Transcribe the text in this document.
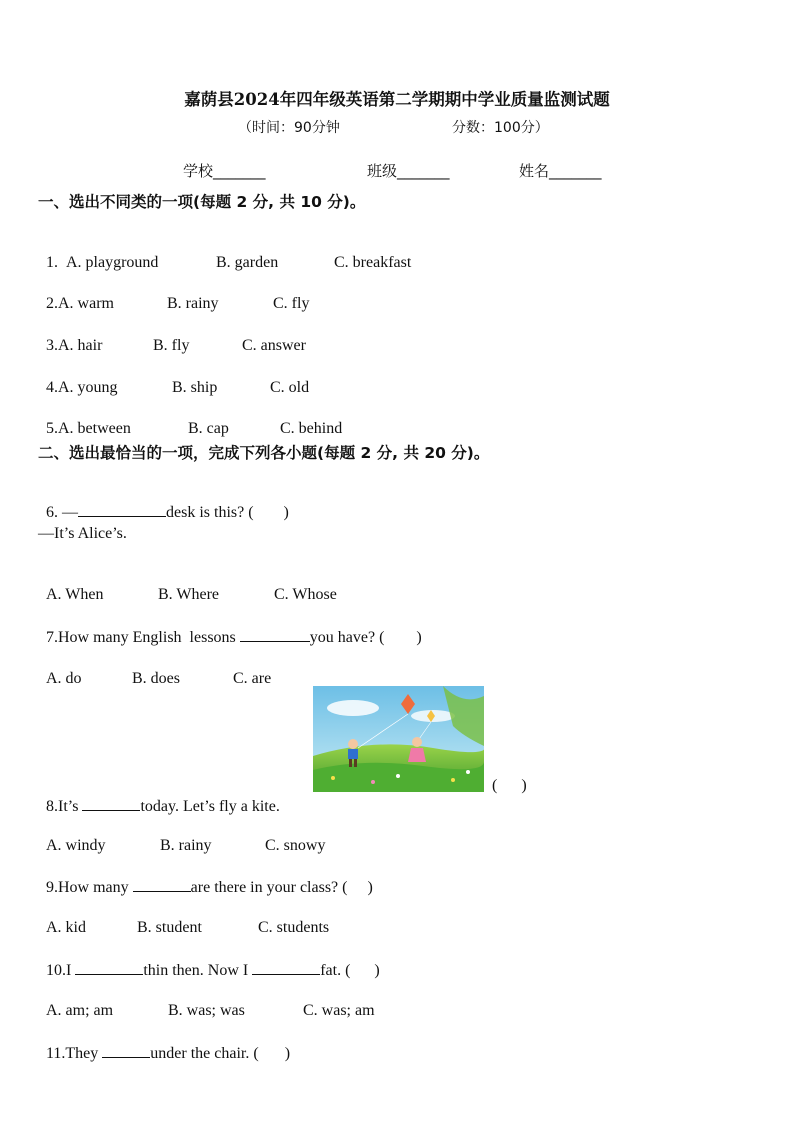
嘉荫县2024年四年级英语第二学期期中学业质量监测试题
（时间：90分钟	分数：100分）
学校_______	班级_______	姓名_______
一、选出不同类的一项(每题 2 分, 共 10 分)。

1. A. playground	B. garden	C. breakfast

2.A. warm	B. rainy	C. fly

3.A. hair	B. fly	C. answer

4.A. young	B. ship	C. old

5.A. between	B. cap	C. behind

二、选出最恰当的一项，完成下列各小题(每题 2 分, 共 20 分)。

6. —	desk is this? ( )

—It’s Alice’s.

A. When	B. Where	C. Whose

7.How many English  lessons	you have? ( )

A. do	B. does	C. are

8.It’s	today. Let’s fly a kite.

(      )

A. windy	B. rainy	C. snowy

9.How many	are there in your class? ( )

A. kid	B. student	C. students

10.I	thin then. Now I	fat. ( )

A. am; am	B. was; was	C. was; am

11.They	under the chair. ( )
